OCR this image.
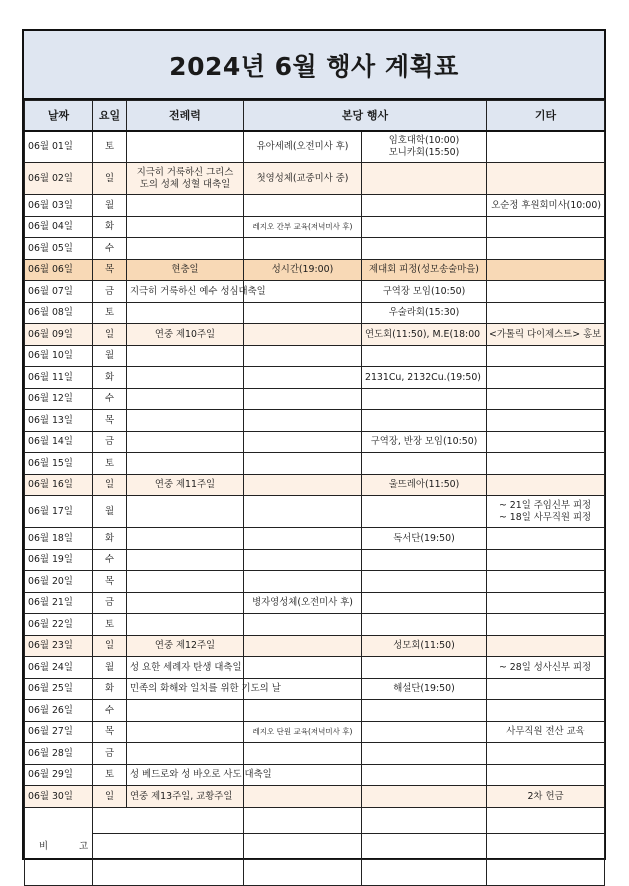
2024년 6월 행사 계획표
날짜	요일	전례력	본당 행사		기타
06월 01일	토		유아세례(오전미사 후)	임호대학(10:00)
모니카회(15:50)	
06월 02일	일	지극히 거룩하신 그리스
도의 성체 성혈 대축일	첫영성체(교중미사 중)		
06월 03일	월				오순정 후원회미사(10:00)
06월 04일	화		레지오 간부 교육(저녁미사 후)		
06월 05일	수				
06월 06일	목	현충일	성시간(19:00)	제대회 피정(성모송술마을)	
06월 07일	금	지극히 거룩하신 예수 성심대축일		구역장 모임(10:50)	
06월 08일	토			우술라회(15:30)	
06월 09일	일	연중 제10주일		연도회(11:50), M.E(18:00	<가톨릭 다이제스트> 홍보
06월 10일	월				
06월 11일	화			2131Cu, 2132Cu.(19:50)	
06월 12일	수				
06월 13일	목				
06월 14일	금			구역장, 반장 모임(10:50)	
06월 15일	토				
06월 16일	일	연중 제11주일		울뜨레아(11:50)	
06월 17일	월				~ 21일 주임신부 피정
~ 18일 사무직원 피정
06월 18일	화			독서단(19:50)	
06월 19일	수				
06월 20일	목				
06월 21일	금		병자영성체(오전미사 후)		
06월 22일	토				
06월 23일	일	연중 제12주일		성모회(11:50)	
06월 24일	월	성 요한 세례자 탄생 대축일			~ 28일 성사신부 피정
06월 25일	화	민족의 화해와 일치를 위한 기도의 날		해설단(19:50)	
06월 26일	수				
06월 27일	목		레지오 단원 교육(저녁미사 후)		사무직원 전산 교육
06월 28일	금				
06월 29일	토	성 베드로와 성 바오로 사도 대축일			
06월 30일	일	연중 제13주일, 교황주일			2차 헌금
비 고					
